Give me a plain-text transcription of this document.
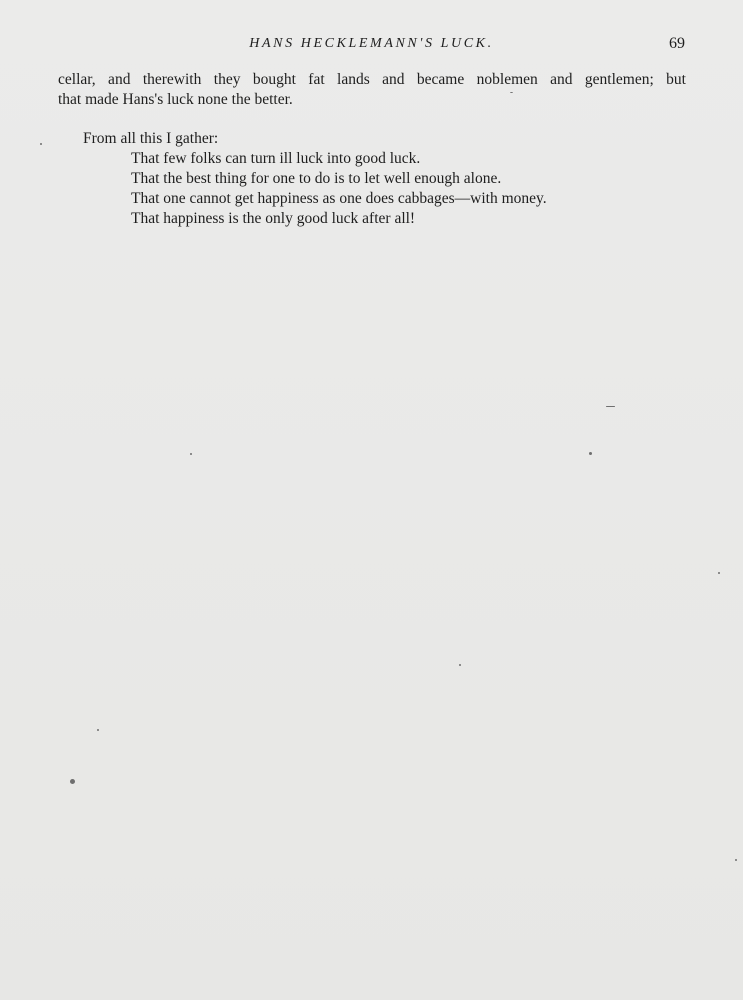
HANS HECKLEMANN'S LUCK.	69
cellar, and therewith they bought fat lands and became noblemen and gentlemen; but
that made Hans's luck none the better.
From all this I gather:
That few folks can turn ill luck into good luck.
That the best thing for one to do is to let well enough alone.
That one cannot get happiness as one does cabbages—with money.
That happiness is the only good luck after all!
